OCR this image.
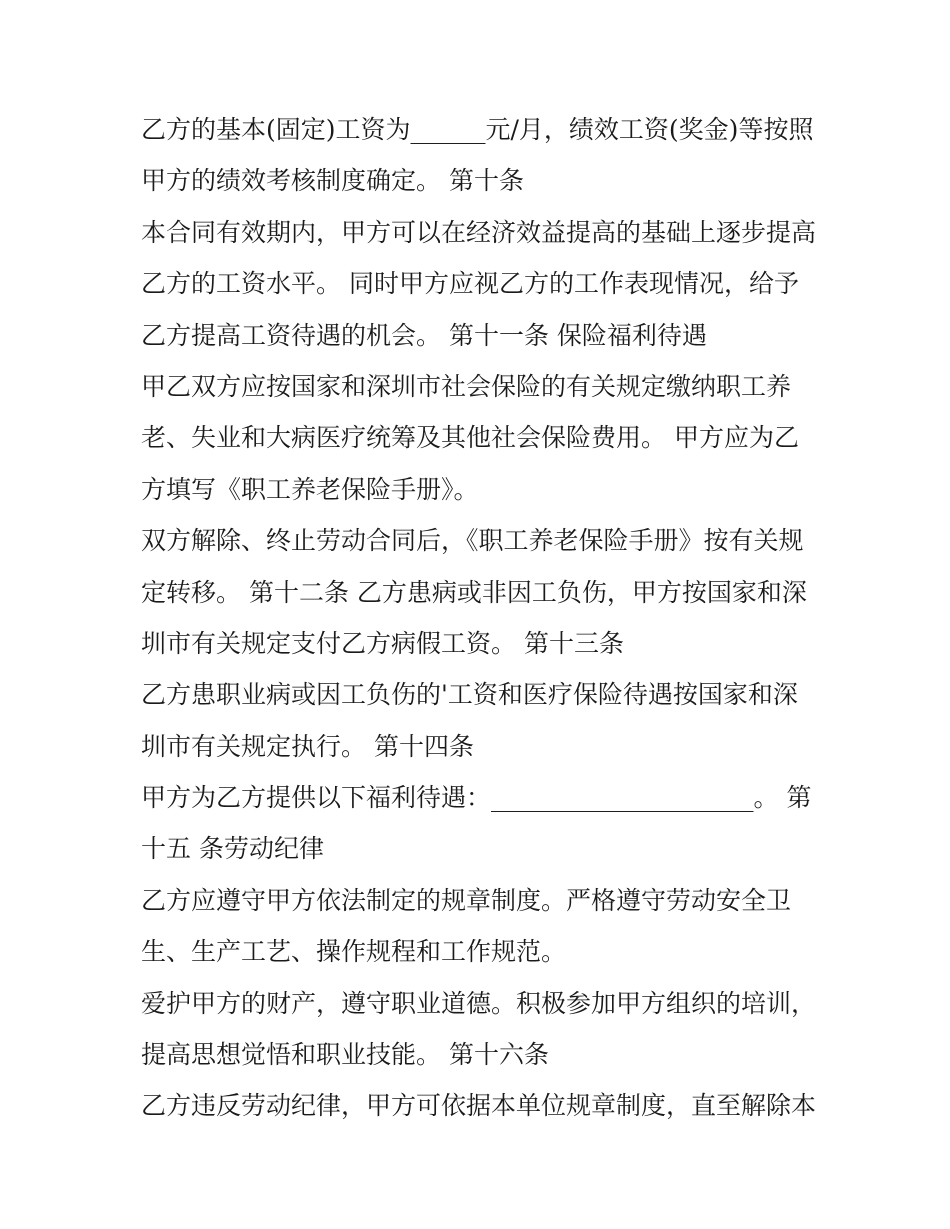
乙方的基本(固定)工资为______元/月，绩效工资(奖金)等按照
甲方的绩效考核制度确定。 第十条
本合同有效期内，甲方可以在经济效益提高的基础上逐步提高
乙方的工资水平。 同时甲方应视乙方的工作表现情况，给予
乙方提高工资待遇的机会。 第十一条 保险福利待遇
甲乙双方应按国家和深圳市社会保险的有关规定缴纳职工养
老、失业和大病医疗统筹及其他社会保险费用。 甲方应为乙
方填写《职工养老保险手册》。
双方解除、终止劳动合同后，《职工养老保险手册》按有关规
定转移。 第十二条 乙方患病或非因工负伤，甲方按国家和深
圳市有关规定支付乙方病假工资。 第十三条
乙方患职业病或因工负伤的'工资和医疗保险待遇按国家和深
圳市有关规定执行。 第十四条
甲方为乙方提供以下福利待遇：_____________________。 第
十五 条劳动纪律
乙方应遵守甲方依法制定的规章制度。严格遵守劳动安全卫
生、生产工艺、操作规程和工作规范。
爱护甲方的财产，遵守职业道德。积极参加甲方组织的培训，
提高思想觉悟和职业技能。 第十六条
乙方违反劳动纪律，甲方可依据本单位规章制度，直至解除本
